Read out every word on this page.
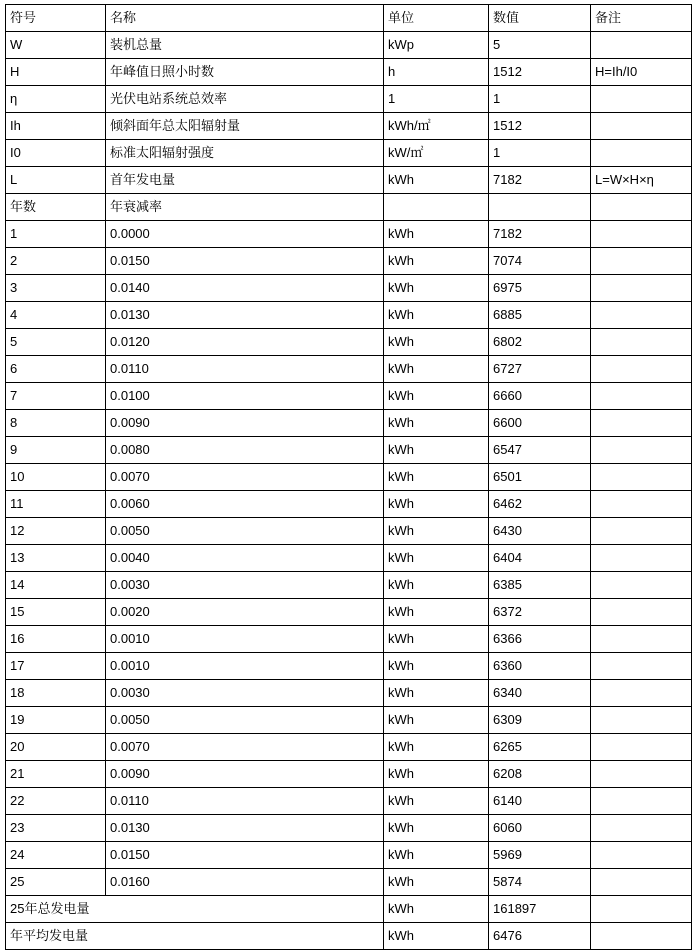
符号	名称	单位	数值	备注
W	装机总量	kWp	5	
H	年峰值日照小时数	h	1512	H=Ih/I0
η	光伏电站系统总效率	1	1	
Ih	倾斜面年总太阳辐射量	kWh/㎡	1512	
I0	标准太阳辐射强度	kW/㎡	1	
L	首年发电量	kWh	7182	L=W×H×η
年数	年衰减率			
1	0.0000	kWh	7182	
2	0.0150	kWh	7074	
3	0.0140	kWh	6975	
4	0.0130	kWh	6885	
5	0.0120	kWh	6802	
6	0.0110	kWh	6727	
7	0.0100	kWh	6660	
8	0.0090	kWh	6600	
9	0.0080	kWh	6547	
10	0.0070	kWh	6501	
11	0.0060	kWh	6462	
12	0.0050	kWh	6430	
13	0.0040	kWh	6404	
14	0.0030	kWh	6385	
15	0.0020	kWh	6372	
16	0.0010	kWh	6366	
17	0.0010	kWh	6360	
18	0.0030	kWh	6340	
19	0.0050	kWh	6309	
20	0.0070	kWh	6265	
21	0.0090	kWh	6208	
22	0.0110	kWh	6140	
23	0.0130	kWh	6060	
24	0.0150	kWh	5969	
25	0.0160	kWh	5874	
25年总发电量		kWh	161897	
年平均发电量		kWh	6476	
